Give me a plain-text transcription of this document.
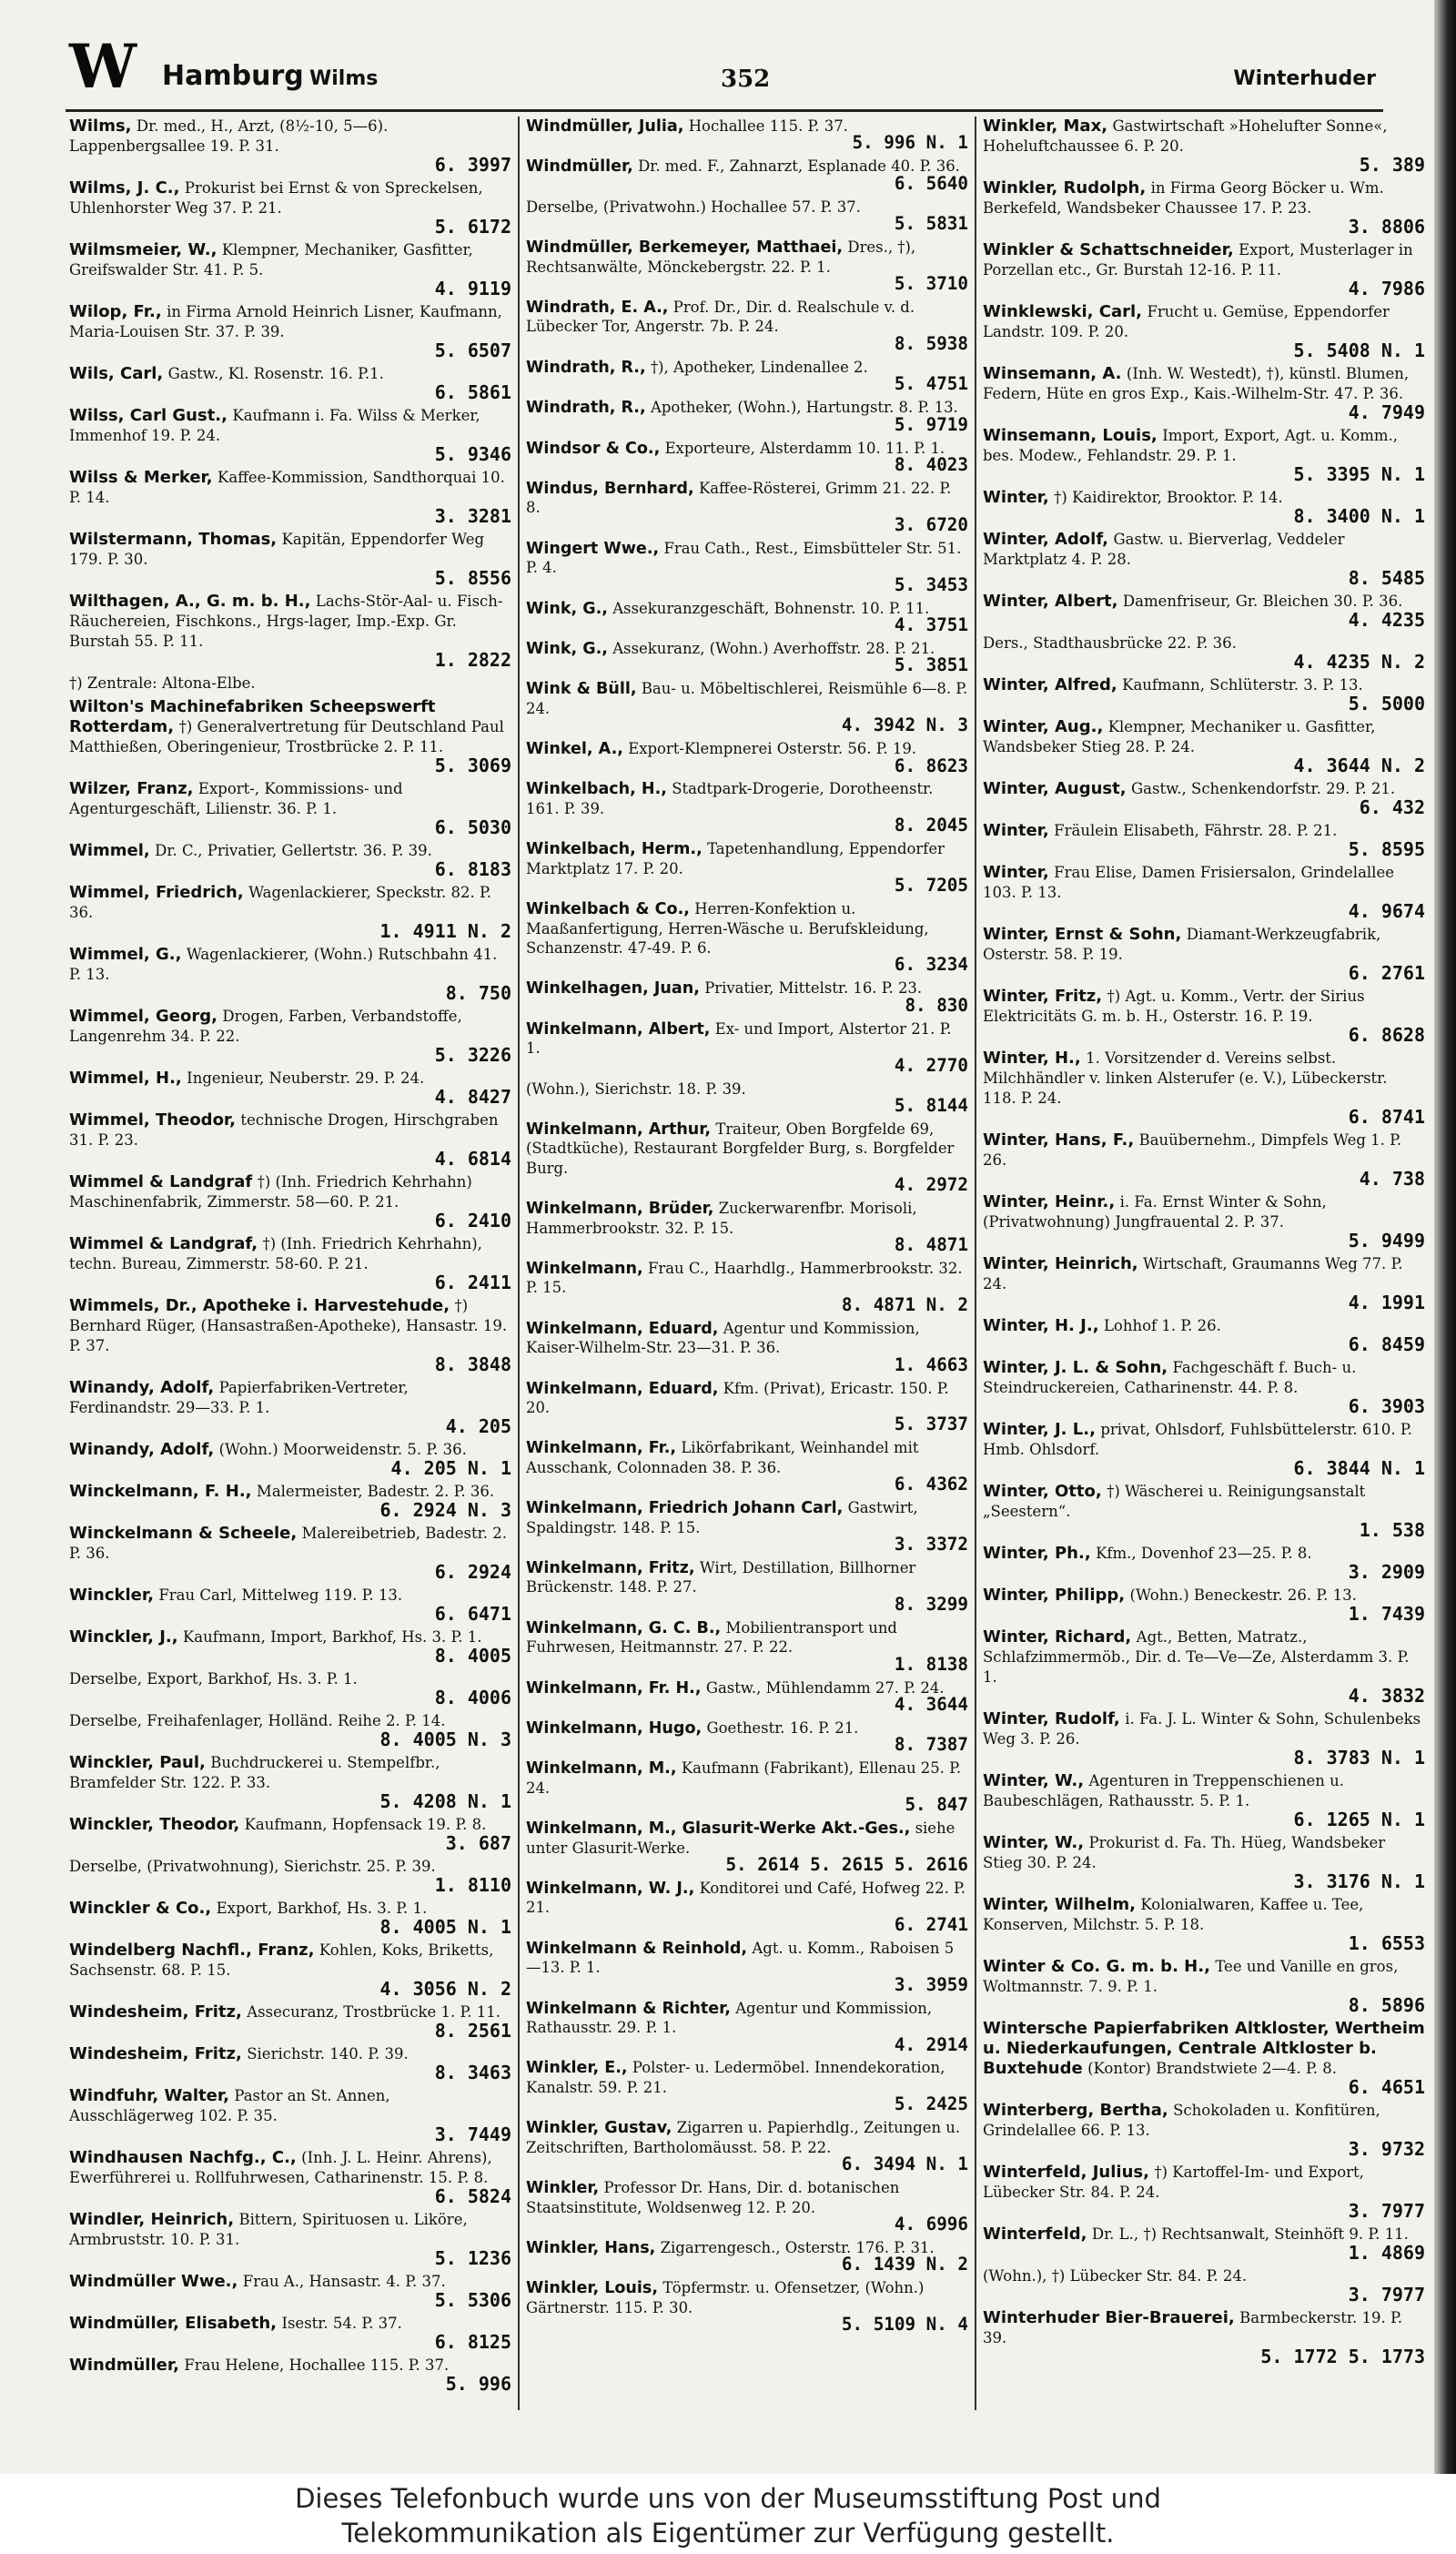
W Hamburg Wilms	352	Winterhuder
Wilms, Dr. med., H., Arzt, (8½-10, 5—6). Lappenbergsallee 19. P. 31.
6. 3997
Wilms, J. C., Prokurist bei Ernst & von Spreckelsen, Uhlenhorster Weg 37. P. 21.
5. 6172
Wilmsmeier, W., Klempner, Mechaniker, Gasfitter, Greifswalder Str. 41. P. 5.
4. 9119
Wilop, Fr., in Firma Arnold Heinrich Lisner, Kaufmann, Maria-Louisen Str. 37. P. 39.
5. 6507
Wils, Carl, Gastw., Kl. Rosenstr. 16. P.1.
6. 5861
Wilss, Carl Gust., Kaufmann i. Fa. Wilss & Merker, Immenhof 19. P. 24.
5. 9346
Wilss & Merker, Kaffee-Kommission, Sandthorquai 10. P. 14.
3. 3281
Wilstermann, Thomas, Kapitän, Eppendorfer Weg 179. P. 30.
5. 8556
Wilthagen, A., G. m. b. H., Lachs-Stör-Aal- u. Fisch-Räuchereien, Fischkons., Hrgs-lager, Imp.-Exp. Gr. Burstah 55. P. 11.
1. 2822
†) Zentrale: Altona-Elbe.
Wilton's Machinefabriken Scheepswerft Rotterdam, †) Generalvertretung für Deutschland Paul Matthießen, Oberingenieur, Trostbrücke 2. P. 11.
5. 3069
Wilzer, Franz, Export-, Kommissions- und Agenturgeschäft, Lilienstr. 36. P. 1.
6. 5030
Wimmel, Dr. C., Privatier, Gellertstr. 36. P. 39.
6. 8183
Wimmel, Friedrich, Wagenlackierer, Speckstr. 82. P. 36.
1. 4911 N. 2
Wimmel, G., Wagenlackierer, (Wohn.) Rutschbahn 41. P. 13.
8. 750
Wimmel, Georg, Drogen, Farben, Verbandstoffe, Langenrehm 34. P. 22.
5. 3226
Wimmel, H., Ingenieur, Neuberstr. 29. P. 24.
4. 8427
Wimmel, Theodor, technische Drogen, Hirschgraben 31. P. 23.
4. 6814
Wimmel & Landgraf †) (Inh. Friedrich Kehrhahn) Maschinenfabrik, Zimmerstr. 58—60. P. 21.
6. 2410
Wimmel & Landgraf, †) (Inh. Friedrich Kehrhahn), techn. Bureau, Zimmerstr. 58-60. P. 21.
6. 2411
Wimmels, Dr., Apotheke i. Harvestehude, †) Bernhard Rüger, (Hansastraßen-Apotheke), Hansastr. 19. P. 37.
8. 3848
Winandy, Adolf, Papierfabriken-Vertreter, Ferdinandstr. 29—33. P. 1.
4. 205
Winandy, Adolf, (Wohn.) Moorweidenstr. 5. P. 36.
4. 205 N. 1
Winckelmann, F. H., Malermeister, Badestr. 2. P. 36.
6. 2924 N. 3
Winckelmann & Scheele, Malereibetrieb, Badestr. 2. P. 36.
6. 2924
Winckler, Frau Carl, Mittelweg 119. P. 13.
6. 6471
Winckler, J., Kaufmann, Import, Barkhof, Hs. 3. P. 1.
8. 4005
Derselbe, Export, Barkhof, Hs. 3. P. 1.
8. 4006
Derselbe, Freihafenlager, Holländ. Reihe 2. P. 14.
8. 4005 N. 3
Winckler, Paul, Buchdruckerei u. Stempelfbr., Bramfelder Str. 122. P. 33.
5. 4208 N. 1
Winckler, Theodor, Kaufmann, Hopfensack 19. P. 8.
3. 687
Derselbe, (Privatwohnung), Sierichstr. 25. P. 39.
1. 8110
Winckler & Co., Export, Barkhof, Hs. 3. P. 1.
8. 4005 N. 1
Windelberg Nachfl., Franz, Kohlen, Koks, Briketts, Sachsenstr. 68. P. 15.
4. 3056 N. 2
Windesheim, Fritz, Assecuranz, Trostbrücke 1. P. 11.
8. 2561
Windesheim, Fritz, Sierichstr. 140. P. 39.
8. 3463
Windfuhr, Walter, Pastor an St. Annen, Ausschlägerweg 102. P. 35.
3. 7449
Windhausen Nachfg., C., (Inh. J. L. Heinr. Ahrens), Ewerführerei u. Rollfuhrwesen, Catharinenstr. 15. P. 8.
6. 5824
Windler, Heinrich, Bittern, Spirituosen u. Liköre, Armbruststr. 10. P. 31.
5. 1236
Windmüller Wwe., Frau A., Hansastr. 4. P. 37.
5. 5306
Windmüller, Elisabeth, Isestr. 54. P. 37.
6. 8125
Windmüller, Frau Helene, Hochallee 115. P. 37.
5. 996
Windmüller, Julia, Hochallee 115. P. 37.
5. 996 N. 1
Windmüller, Dr. med. F., Zahnarzt, Esplanade 40. P. 36.
6. 5640
Derselbe, (Privatwohn.) Hochallee 57. P. 37.
5. 5831
Windmüller, Berkemeyer, Matthaei, Dres., †), Rechtsanwälte, Mönckebergstr. 22. P. 1.
5. 3710
Windrath, E. A., Prof. Dr., Dir. d. Realschule v. d. Lübecker Tor, Angerstr. 7b. P. 24.
8. 5938
Windrath, R., †), Apotheker, Lindenallee 2.
5. 4751
Windrath, R., Apotheker, (Wohn.), Hartungstr. 8. P. 13.
5. 9719
Windsor & Co., Exporteure, Alsterdamm 10. 11. P. 1.
8. 4023
Windus, Bernhard, Kaffee-Rösterei, Grimm 21. 22. P. 8.
3. 6720
Wingert Wwe., Frau Cath., Rest., Eimsbütteler Str. 51. P. 4.
5. 3453
Wink, G., Assekuranzgeschäft, Bohnenstr. 10. P. 11.
4. 3751
Wink, G., Assekuranz, (Wohn.) Averhoffstr. 28. P. 21.
5. 3851
Wink & Büll, Bau- u. Möbeltischlerei, Reismühle 6—8. P. 24.
4. 3942 N. 3
Winkel, A., Export-Klempnerei Osterstr. 56. P. 19.
6. 8623
Winkelbach, H., Stadtpark-Drogerie, Dorotheenstr. 161. P. 39.
8. 2045
Winkelbach, Herm., Tapetenhandlung, Eppendorfer Marktplatz 17. P. 20.
5. 7205
Winkelbach & Co., Herren-Konfektion u. Maaßanfertigung, Herren-Wäsche u. Berufskleidung, Schanzenstr. 47-49. P. 6.
6. 3234
Winkelhagen, Juan, Privatier, Mittelstr. 16. P. 23.
8. 830
Winkelmann, Albert, Ex- und Import, Alstertor 21. P. 1.
4. 2770
(Wohn.), Sierichstr. 18. P. 39.
5. 8144
Winkelmann, Arthur, Traiteur, Oben Borgfelde 69, (Stadtküche), Restaurant Borgfelder Burg, s. Borgfelder Burg.
4. 2972
Winkelmann, Brüder, Zuckerwarenfbr. Morisoli, Hammerbrookstr. 32. P. 15.
8. 4871
Winkelmann, Frau C., Haarhdlg., Hammerbrookstr. 32. P. 15.
8. 4871 N. 2
Winkelmann, Eduard, Agentur und Kommission, Kaiser-Wilhelm-Str. 23—31. P. 36.
1. 4663
Winkelmann, Eduard, Kfm. (Privat), Ericastr. 150. P. 20.
5. 3737
Winkelmann, Fr., Likörfabrikant, Weinhandel mit Ausschank, Colonnaden 38. P. 36.
6. 4362
Winkelmann, Friedrich Johann Carl, Gastwirt, Spaldingstr. 148. P. 15.
3. 3372
Winkelmann, Fritz, Wirt, Destillation, Billhorner Brückenstr. 148. P. 27.
8. 3299
Winkelmann, G. C. B., Mobilientransport und Fuhrwesen, Heitmannstr. 27. P. 22.
1. 8138
Winkelmann, Fr. H., Gastw., Mühlendamm 27. P. 24.
4. 3644
Winkelmann, Hugo, Goethestr. 16. P. 21.
8. 7387
Winkelmann, M., Kaufmann (Fabrikant), Ellenau 25. P. 24.
5. 847
Winkelmann, M., Glasurit-Werke Akt.-Ges., siehe unter Glasurit-Werke.
5. 2614 5. 2615 5. 2616
Winkelmann, W. J., Konditorei und Café, Hofweg 22. P. 21.
6. 2741
Winkelmann & Reinhold, Agt. u. Komm., Raboisen 5—13. P. 1.
3. 3959
Winkelmann & Richter, Agentur und Kommission, Rathausstr. 29. P. 1.
4. 2914
Winkler, E., Polster- u. Ledermöbel. Innendekoration, Kanalstr. 59. P. 21.
5. 2425
Winkler, Gustav, Zigarren u. Papierhdlg., Zeitungen u. Zeitschriften, Bartholomäusst. 58. P. 22.
6. 3494 N. 1
Winkler, Professor Dr. Hans, Dir. d. botanischen Staatsinstitute, Woldsenweg 12. P. 20.
4. 6996
Winkler, Hans, Zigarrengesch., Osterstr. 176. P. 31.
6. 1439 N. 2
Winkler, Louis, Töpfermstr. u. Ofensetzer, (Wohn.) Gärtnerstr. 115. P. 30.
5. 5109 N. 4
Winkler, Max, Gastwirtschaft »Hohelufter Sonne«, Hoheluftchaussee 6. P. 20.
5. 389
Winkler, Rudolph, in Firma Georg Böcker u. Wm. Berkefeld, Wandsbeker Chaussee 17. P. 23.
3. 8806
Winkler & Schattschneider, Export, Musterlager in Porzellan etc., Gr. Burstah 12-16. P. 11.
4. 7986
Winklewski, Carl, Frucht u. Gemüse, Eppendorfer Landstr. 109. P. 20.
5. 5408 N. 1
Winsemann, A. (Inh. W. Westedt), †), künstl. Blumen, Federn, Hüte en gros Exp., Kais.-Wilhelm-Str. 47. P. 36.
4. 7949
Winsemann, Louis, Import, Export, Agt. u. Komm., bes. Modew., Fehlandstr. 29. P. 1.
5. 3395 N. 1
Winter, †) Kaidirektor, Brooktor. P. 14.
8. 3400 N. 1
Winter, Adolf, Gastw. u. Bierverlag, Veddeler Marktplatz 4. P. 28.
8. 5485
Winter, Albert, Damenfriseur, Gr. Bleichen 30. P. 36.
4. 4235
Ders., Stadthausbrücke 22. P. 36.
4. 4235 N. 2
Winter, Alfred, Kaufmann, Schlüterstr. 3. P. 13.
5. 5000
Winter, Aug., Klempner, Mechaniker u. Gasfitter, Wandsbeker Stieg 28. P. 24.
4. 3644 N. 2
Winter, August, Gastw., Schenkendorfstr. 29. P. 21.
6. 432
Winter, Fräulein Elisabeth, Fährstr. 28. P. 21.
5. 8595
Winter, Frau Elise, Damen Frisiersalon, Grindelallee 103. P. 13.
4. 9674
Winter, Ernst & Sohn, Diamant-Werkzeugfabrik, Osterstr. 58. P. 19.
6. 2761
Winter, Fritz, †) Agt. u. Komm., Vertr. der Sirius Elektricitäts G. m. b. H., Osterstr. 16. P. 19.
6. 8628
Winter, H., 1. Vorsitzender d. Vereins selbst. Milchhändler v. linken Alsterufer (e. V.), Lübeckerstr. 118. P. 24.
6. 8741
Winter, Hans, F., Bauübernehm., Dimpfels Weg 1. P. 26.
4. 738
Winter, Heinr., i. Fa. Ernst Winter & Sohn, (Privatwohnung) Jungfrauental 2. P. 37.
5. 9499
Winter, Heinrich, Wirtschaft, Graumanns Weg 77. P. 24.
4. 1991
Winter, H. J., Lohhof 1. P. 26.
6. 8459
Winter, J. L. & Sohn, Fachgeschäft f. Buch- u. Steindruckereien, Catharinenstr. 44. P. 8.
6. 3903
Winter, J. L., privat, Ohlsdorf, Fuhlsbüttelerstr. 610. P. Hmb. Ohlsdorf.
6. 3844 N. 1
Winter, Otto, †) Wäscherei u. Reinigungsanstalt „Seestern“.
1. 538
Winter, Ph., Kfm., Dovenhof 23—25. P. 8.
3. 2909
Winter, Philipp, (Wohn.) Beneckestr. 26. P. 13.
1. 7439
Winter, Richard, Agt., Betten, Matratz., Schlafzimmermöb., Dir. d. Te—Ve—Ze, Alsterdamm 3. P. 1.
4. 3832
Winter, Rudolf, i. Fa. J. L. Winter & Sohn, Schulenbeks Weg 3. P. 26.
8. 3783 N. 1
Winter, W., Agenturen in Treppenschienen u. Baubeschlägen, Rathausstr. 5. P. 1.
6. 1265 N. 1
Winter, W., Prokurist d. Fa. Th. Hüeg, Wandsbeker Stieg 30. P. 24.
3. 3176 N. 1
Winter, Wilhelm, Kolonialwaren, Kaffee u. Tee, Konserven, Milchstr. 5. P. 18.
1. 6553
Winter & Co. G. m. b. H., Tee und Vanille en gros, Woltmannstr. 7. 9. P. 1.
8. 5896
Wintersche Papierfabriken Altkloster, Wertheim u. Niederkaufungen, Centrale Altkloster b. Buxtehude (Kontor) Brandstwiete 2—4. P. 8.
6. 4651
Winterberg, Bertha, Schokoladen u. Konfitüren, Grindelallee 66. P. 13.
3. 9732
Winterfeld, Julius, †) Kartoffel-Im- und Export, Lübecker Str. 84. P. 24.
3. 7977
Winterfeld, Dr. L., †) Rechtsanwalt, Steinhöft 9. P. 11.
1. 4869
(Wohn.), †) Lübecker Str. 84. P. 24.
3. 7977
Winterhuder Bier-Brauerei, Barmbeckerstr. 19. P. 39.
5. 1772 5. 1773
Dieses Telefonbuch wurde uns von der Museumsstiftung Post und
Telekommunikation als Eigentümer zur Verfügung gestellt.
